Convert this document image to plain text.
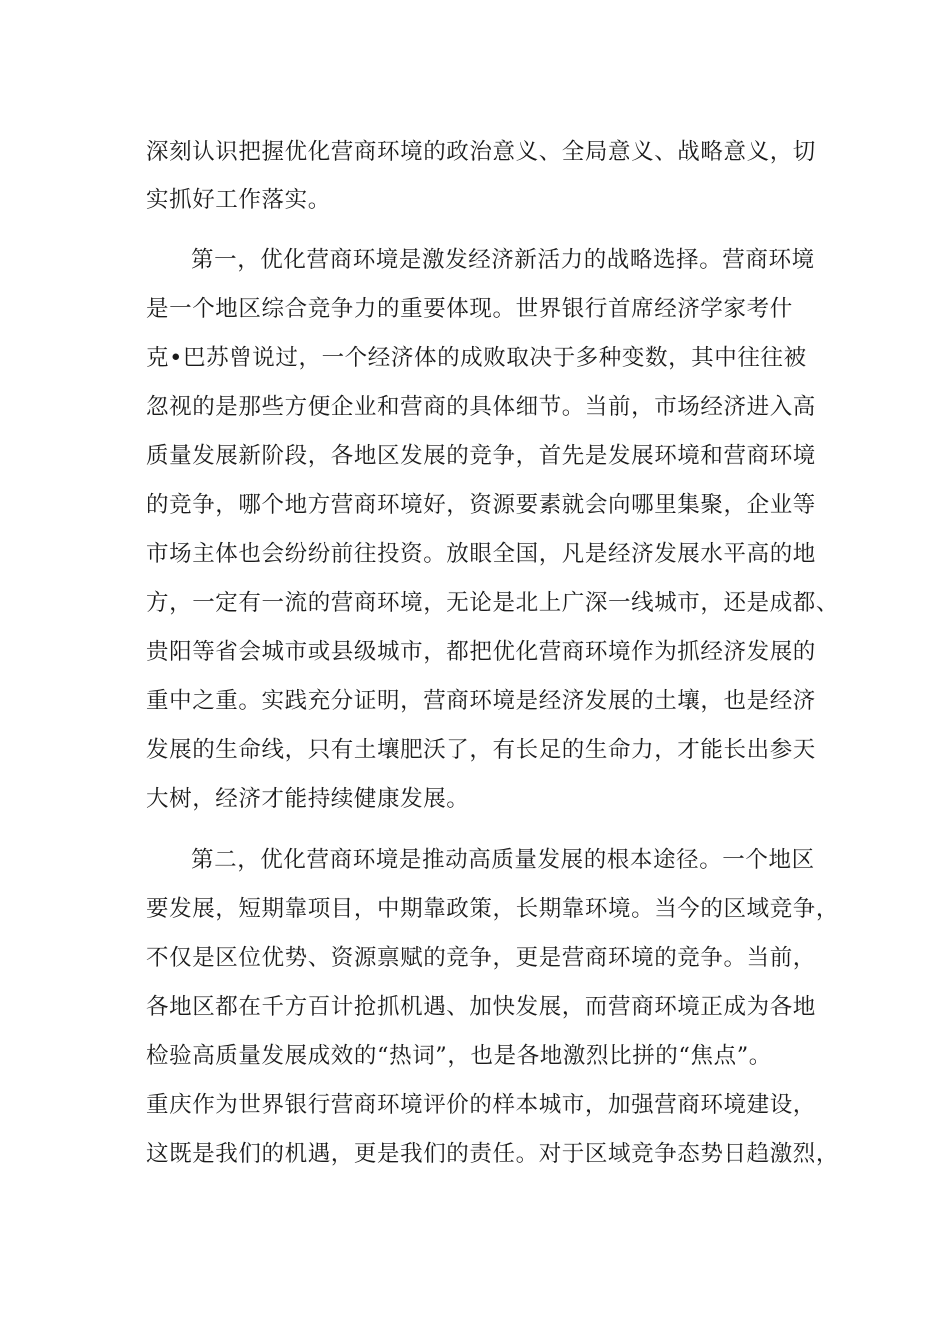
深刻认识把握优化营商环境的政治意义、全局意义、战略意义，切
实抓好工作落实。
第一，优化营商环境是激发经济新活力的战略选择。营商环境
是一个地区综合竞争力的重要体现。世界银行首席经济学家考什
克•巴苏曾说过，一个经济体的成败取决于多种变数，其中往往被
忽视的是那些方便企业和营商的具体细节。当前，市场经济进入高
质量发展新阶段，各地区发展的竞争，首先是发展环境和营商环境
的竞争，哪个地方营商环境好，资源要素就会向哪里集聚，企业等
市场主体也会纷纷前往投资。放眼全国，凡是经济发展水平高的地
方，一定有一流的营商环境，无论是北上广深一线城市，还是成都、
贵阳等省会城市或县级城市，都把优化营商环境作为抓经济发展的
重中之重。实践充分证明，营商环境是经济发展的土壤，也是经济
发展的生命线，只有土壤肥沃了，有长足的生命力，才能长出参天
大树，经济才能持续健康发展。
第二，优化营商环境是推动高质量发展的根本途径。一个地区
要发展，短期靠项目，中期靠政策，长期靠环境。当今的区域竞争，
不仅是区位优势、资源禀赋的竞争，更是营商环境的竞争。当前，
各地区都在千方百计抢抓机遇、加快发展，而营商环境正成为各地
检验高质量发展成效的“热词”，也是各地激烈比拼的“焦点”。
重庆作为世界银行营商环境评价的样本城市，加强营商环境建设，
这既是我们的机遇，更是我们的责任。对于区域竞争态势日趋激烈，
